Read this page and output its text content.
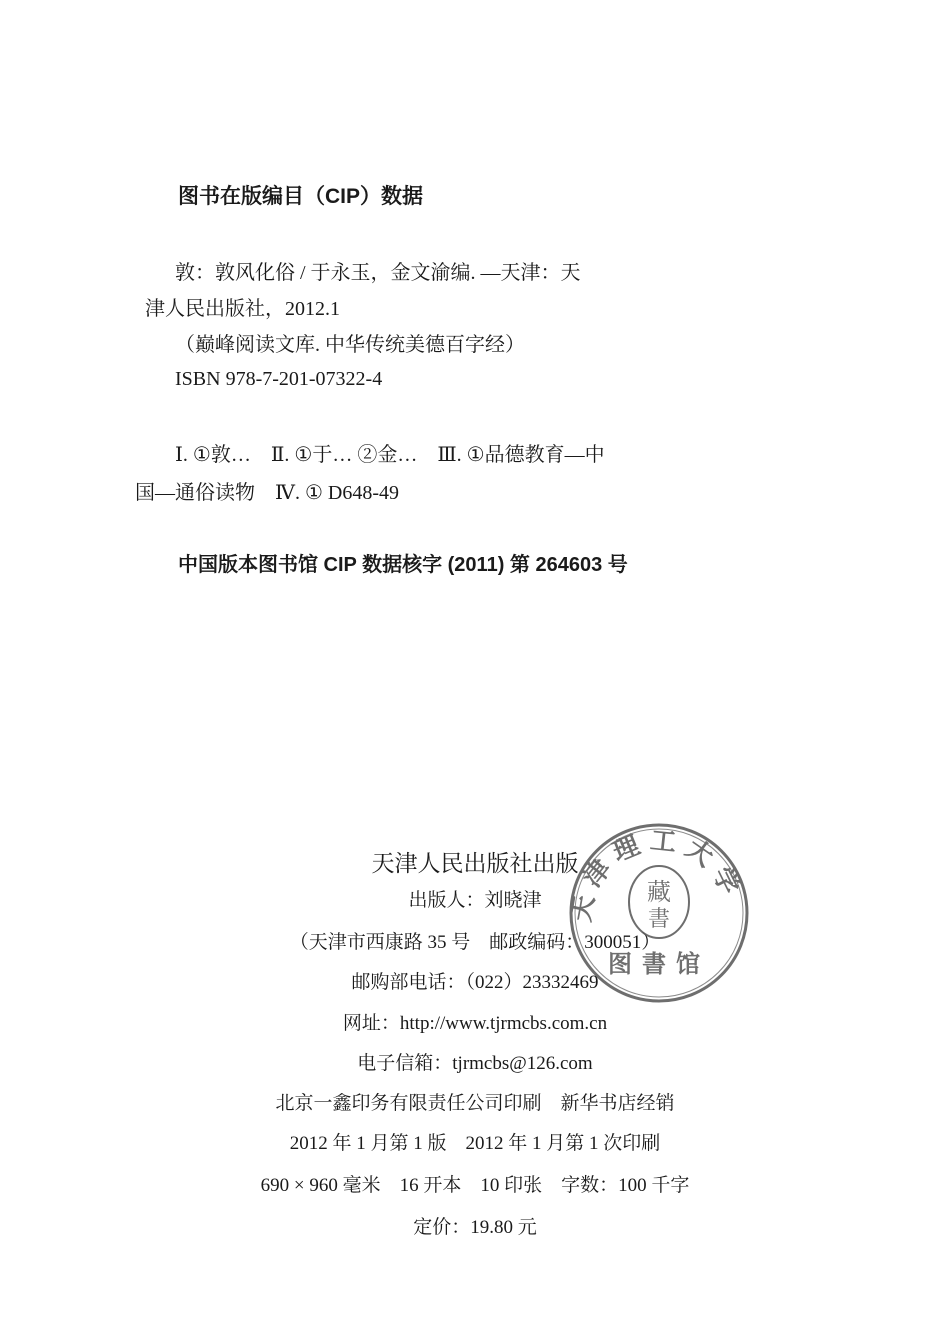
图书在版编目（CIP）数据
敦：敦风化俗 / 于永玉，金文渝编. —天津：天
津人民出版社，2012.1
（巅峰阅读文库. 中华传统美德百字经）
ISBN 978-7-201-07322-4
Ⅰ. ①敦…　Ⅱ. ①于… ②金…　Ⅲ. ①品德教育—中
国—通俗读物　Ⅳ. ① D648-49
中国版本图书馆 CIP 数据核字 (2011) 第 264603 号
天津人民出版社出版
出版人：刘晓津
（天津市西康路 35 号　邮政编码：300051）
邮购部电话：（022）23332469
网址：http://www.tjrmcbs.com.cn
电子信箱：tjrmcbs@126.com
北京一鑫印务有限责任公司印刷　新华书店经销
2012 年 1 月第 1 版　2012 年 1 月第 1 次印刷
690 × 960 毫米　16 开本　10 印张　字数：100 千字
定价：19.80 元
天津理工大学
藏
書
图書馆
